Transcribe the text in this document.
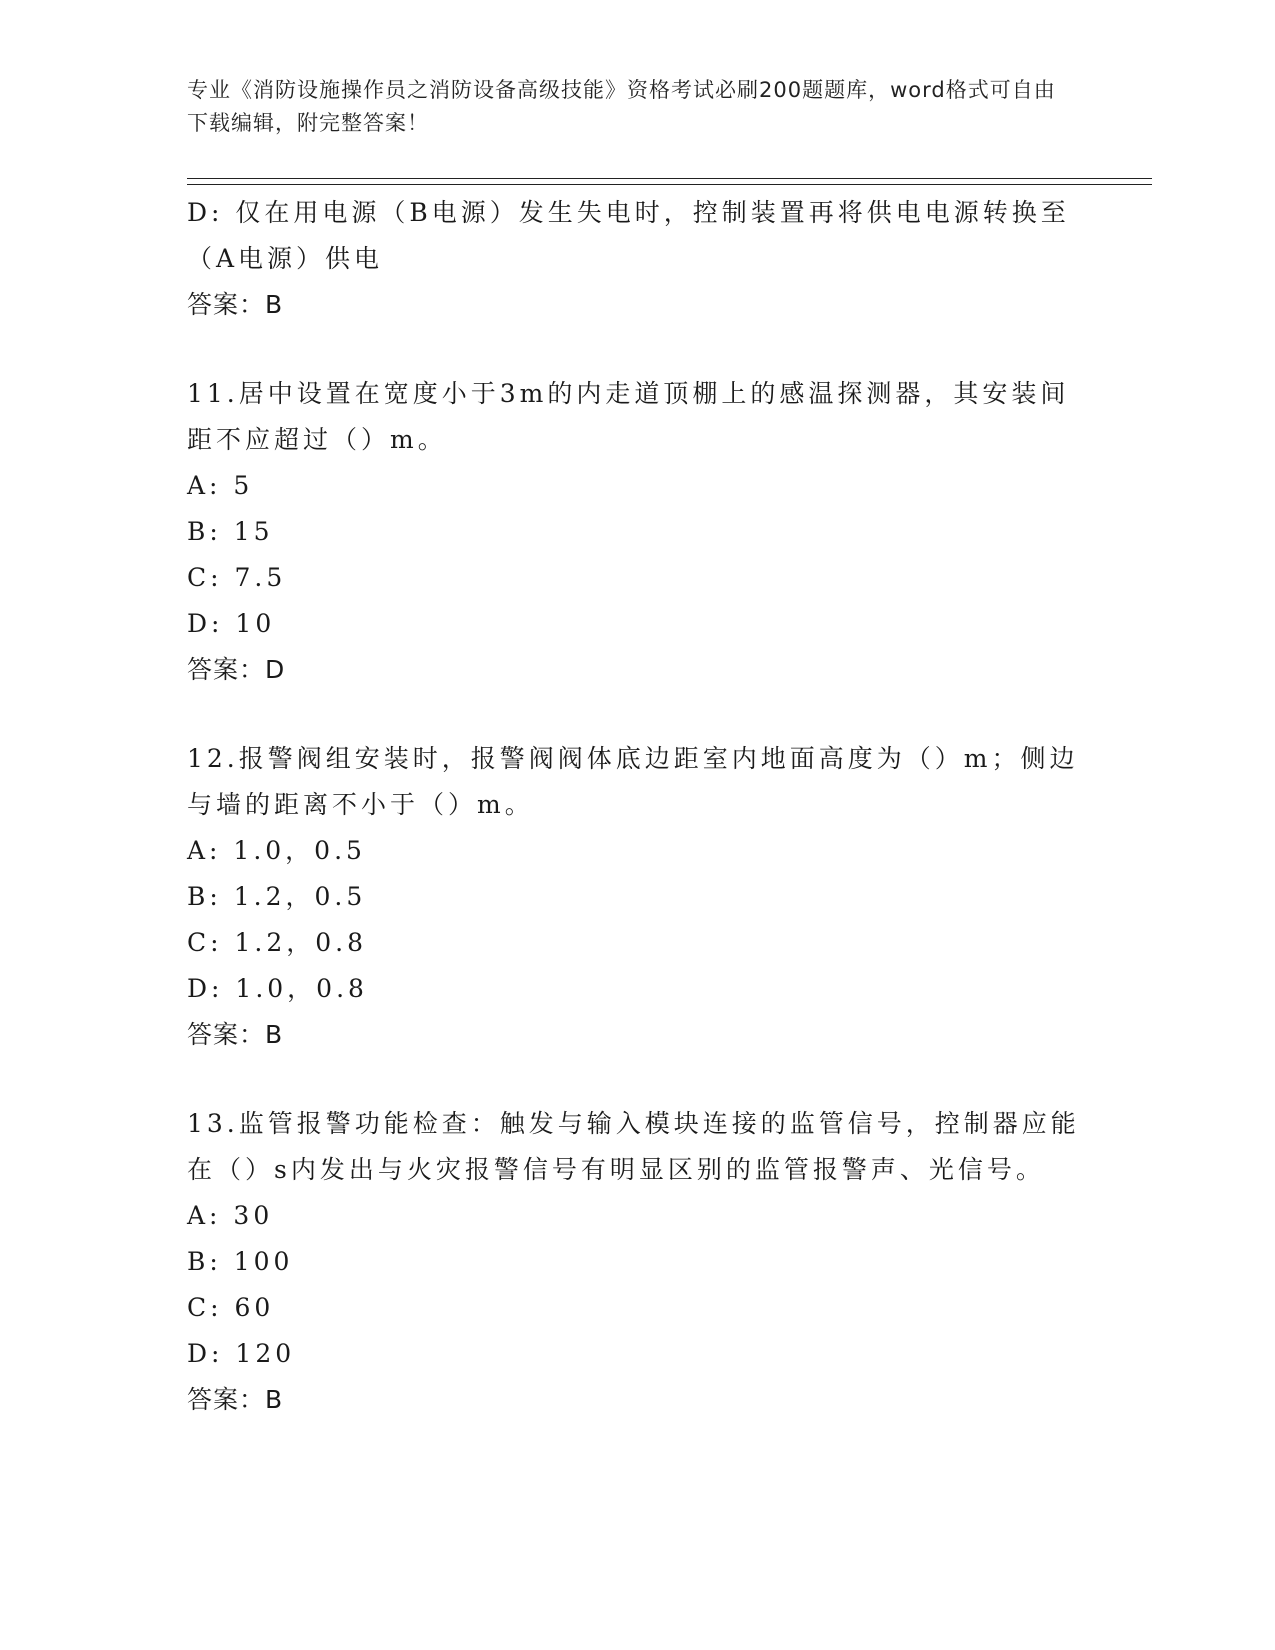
专业《消防设施操作员之消防设备高级技能》资格考试必刷200题题库，word格式可自由下载编辑，附完整答案！
D: 仅在用电源（B电源）发生失电时，控制装置再将供电电源转换至
（A电源）供电
答案：B
11.居中设置在宽度小于3m的内走道顶棚上的感温探测器，其安装间
距不应超过（）m。
A: 5
B: 15
C: 7.5
D: 10
答案：D
12.报警阀组安装时，报警阀阀体底边距室内地面高度为（）m；侧边
与墙的距离不小于（）m。
A: 1.0，0.5
B: 1.2，0.5
C: 1.2，0.8
D: 1.0，0.8
答案：B
13.监管报警功能检查：触发与输入模块连接的监管信号，控制器应能
在（）s内发出与火灾报警信号有明显区别的监管报警声、光信号。
A: 30
B: 100
C: 60
D: 120
答案：B
